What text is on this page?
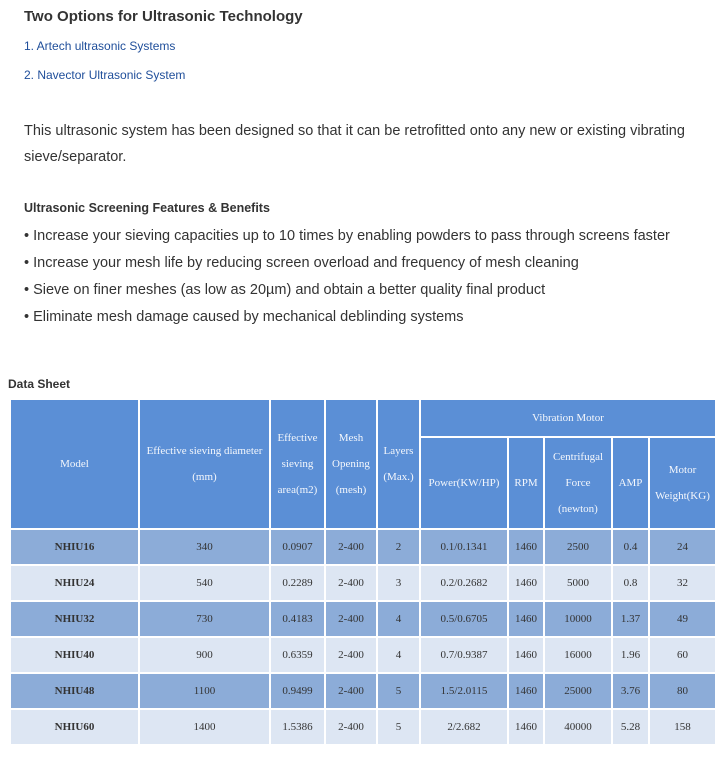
Two Options for Ultrasonic Technology
1. Artech ultrasonic Systems
2. Navector Ultrasonic System
This ultrasonic system has been designed so that it can be retrofitted onto any new or existing vibrating sieve/separator.
Ultrasonic Screening Features & Benefits
• Increase your sieving capacities up to 10 times by enabling powders to pass through screens faster
• Increase your mesh life by reducing screen overload and frequency of mesh cleaning
• Sieve on finer meshes (as low as 20µm) and obtain a better quality final product
• Eliminate mesh damage caused by mechanical deblinding systems
Data Sheet
Model	Effective sieving diameter (mm)	Effective sieving area(m2)	Mesh Opening (mesh)	Layers (Max.)	Vibration Motor				
					Power(KW/HP)	RPM	Centrifugal Force (newton)	AMP	Motor Weight(KG)
NHIU16	340	0.0907	2-400	2	0.1/0.1341	1460	2500	0.4	24
NHIU24	540	0.2289	2-400	3	0.2/0.2682	1460	5000	0.8	32
NHIU32	730	0.4183	2-400	4	0.5/0.6705	1460	10000	1.37	49
NHIU40	900	0.6359	2-400	4	0.7/0.9387	1460	16000	1.96	60
NHIU48	1100	0.9499	2-400	5	1.5/2.0115	1460	25000	3.76	80
NHIU60	1400	1.5386	2-400	5	2/2.682	1460	40000	5.28	158
